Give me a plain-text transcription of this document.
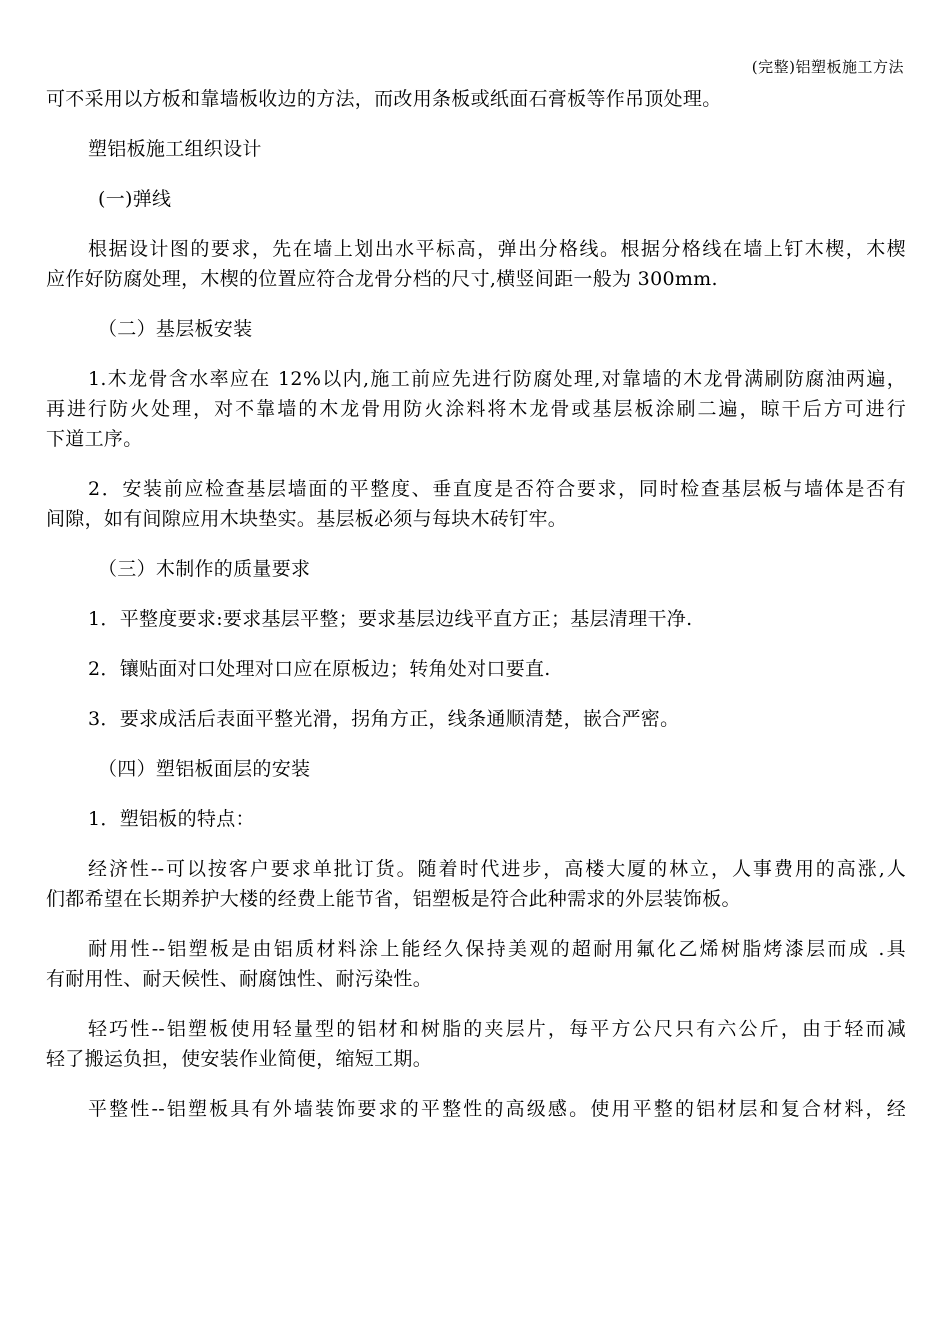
(完整)铝塑板施工方法
可不采用以方板和靠墙板收边的方法，而改用条板或纸面石膏板等作吊顶处理。
塑铝板施工组织设计
(一)弹线
根据设计图的要求，先在墙上划出水平标高，弹出分格线。根据分格线在墙上钉木楔，木楔
应作好防腐处理，木楔的位置应符合龙骨分档的尺寸,横竖间距一般为 300mm.
（二）基层板安装
1.木龙骨含水率应在 12%以内,施工前应先进行防腐处理,对靠墙的木龙骨满刷防腐油两遍，
再进行防火处理，对不靠墙的木龙骨用防火涂料将木龙骨或基层板涂刷二遍，晾干后方可进行
下道工序。
2．安装前应检查基层墙面的平整度、垂直度是否符合要求，同时检查基层板与墙体是否有
间隙，如有间隙应用木块垫实。基层板必须与每块木砖钉牢。
（三）木制作的质量要求
1．平整度要求:要求基层平整；要求基层边线平直方正；基层清理干净.
2．镶贴面对口处理对口应在原板边；转角处对口要直.
3．要求成活后表面平整光滑，拐角方正，线条通顺清楚，嵌合严密。
（四）塑铝板面层的安装
1．塑铝板的特点：
经济性--可以按客户要求单批订货。随着时代进步，高楼大厦的林立，人事费用的高涨,人
们都希望在长期养护大楼的经费上能节省，铝塑板是符合此种需求的外层装饰板。
耐用性--铝塑板是由铝质材料涂上能经久保持美观的超耐用氟化乙烯树脂烤漆层而成 .具
有耐用性、耐天候性、耐腐蚀性、耐污染性。
轻巧性--铝塑板使用轻量型的铝材和树脂的夹层片，每平方公尺只有六公斤，由于轻而减
轻了搬运负担，使安装作业简便，缩短工期。
平整性--铝塑板具有外墙装饰要求的平整性的高级感。使用平整的铝材层和复合材料，经
